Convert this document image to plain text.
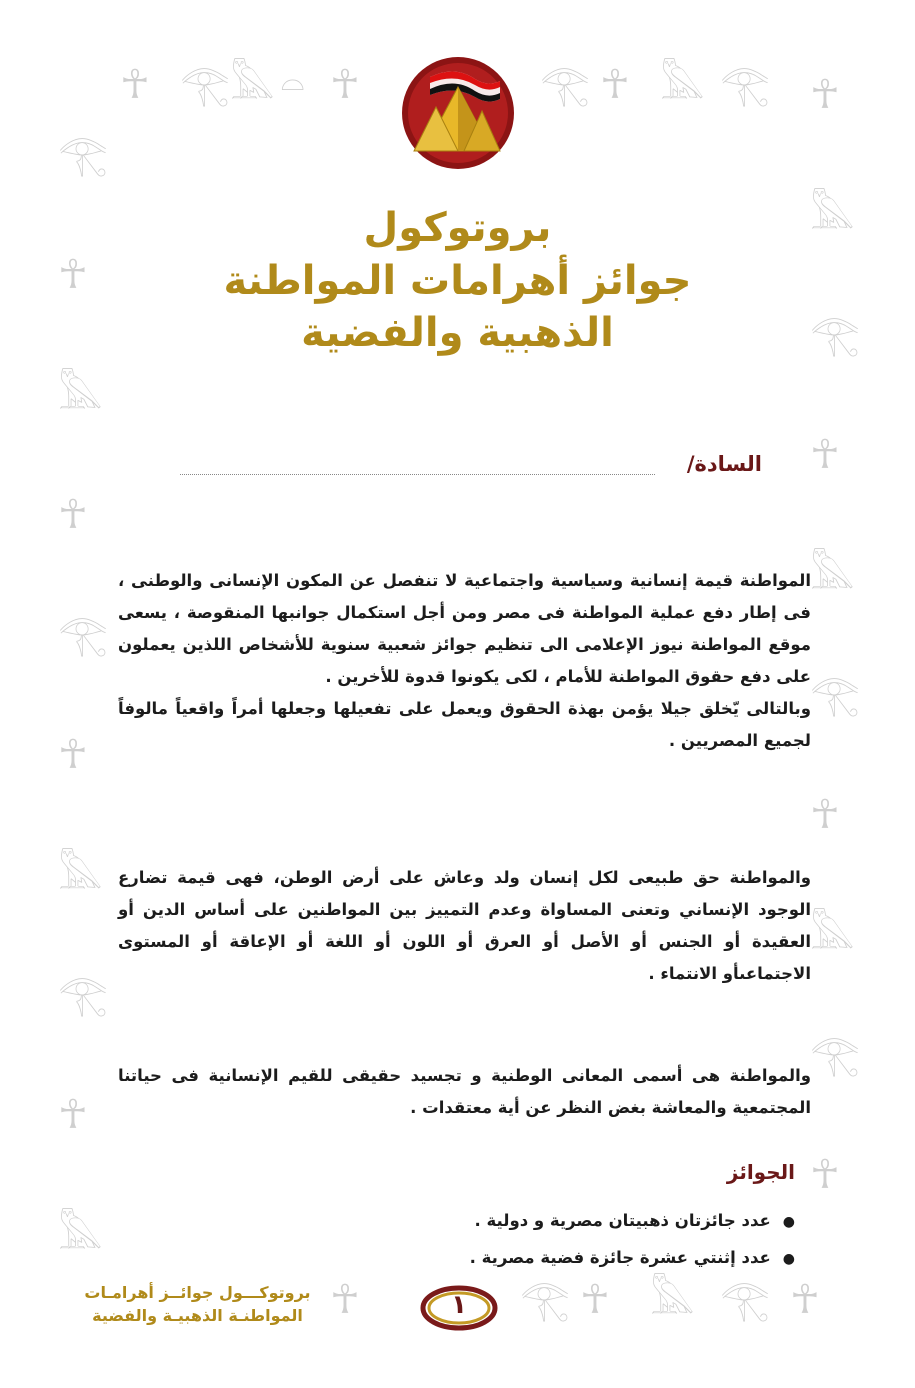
☥ 𓂀 𓅓 𓏏 ☥	𓂀 ☥ 𓅓 𓂀
𓂀
☥
𓅓
☥
𓂀
☥
𓅓
𓂀
☥
𓅓
☥
𓅓
𓂀
☥
𓅓
𓂀
☥
𓅓
𓂀
☥
☥	𓂀 ☥ 𓅓 𓂀 ☥
بروتوكول
جوائز أهرامات المواطنة
الذهبية والفضية
السادة/
المواطنة قيمة إنسانية وسياسية واجتماعية لا تنفصل عن المكون الإنسانى والوطنى ، فى إطار دفع عملية المواطنة فى مصر ومن أجل استكمال جوانبها المنقوصة ، يسعى موقع المواطنة نيوز الإعلامى الى تنظيم جوائز شعبية سنوية للأشخاص اللذين يعملون على دفع حقوق المواطنة للأمام ، لكى يكونوا قدوة للأخرين .
وبالتالى يّخلق جيلا يؤمن بهذة الحقوق ويعمل على تفعيلها وجعلها أمراً واقعياً مالوفاً لجميع المصريين .
والمواطنة حق طبيعى لكل إنسان ولد وعاش على أرض الوطن، فهى قيمة تضارع الوجود الإنساني وتعنى المساواة وعدم التمييز بين المواطنين على أساس الدين أو العقيدة أو الجنس أو الأصل أو العرق أو اللون أو اللغة أو الإعاقة أو المستوى الاجتماعىأو الانتماء .
والمواطنة هى أسمى المعانى الوطنية و تجسيد حقيقى للقيم الإنسانية فى حياتنا المجتمعية والمعاشة بغض النظر عن أية معتقدات .
الجوائز
●عدد جائزتان ذهبيتان مصرية و دولية .
●عدد إثنتي عشرة جائزة فضية مصرية .
بروتوكـــول جوائــز أهرامـات
المواطنـة الذهبيـة والفضية	١
